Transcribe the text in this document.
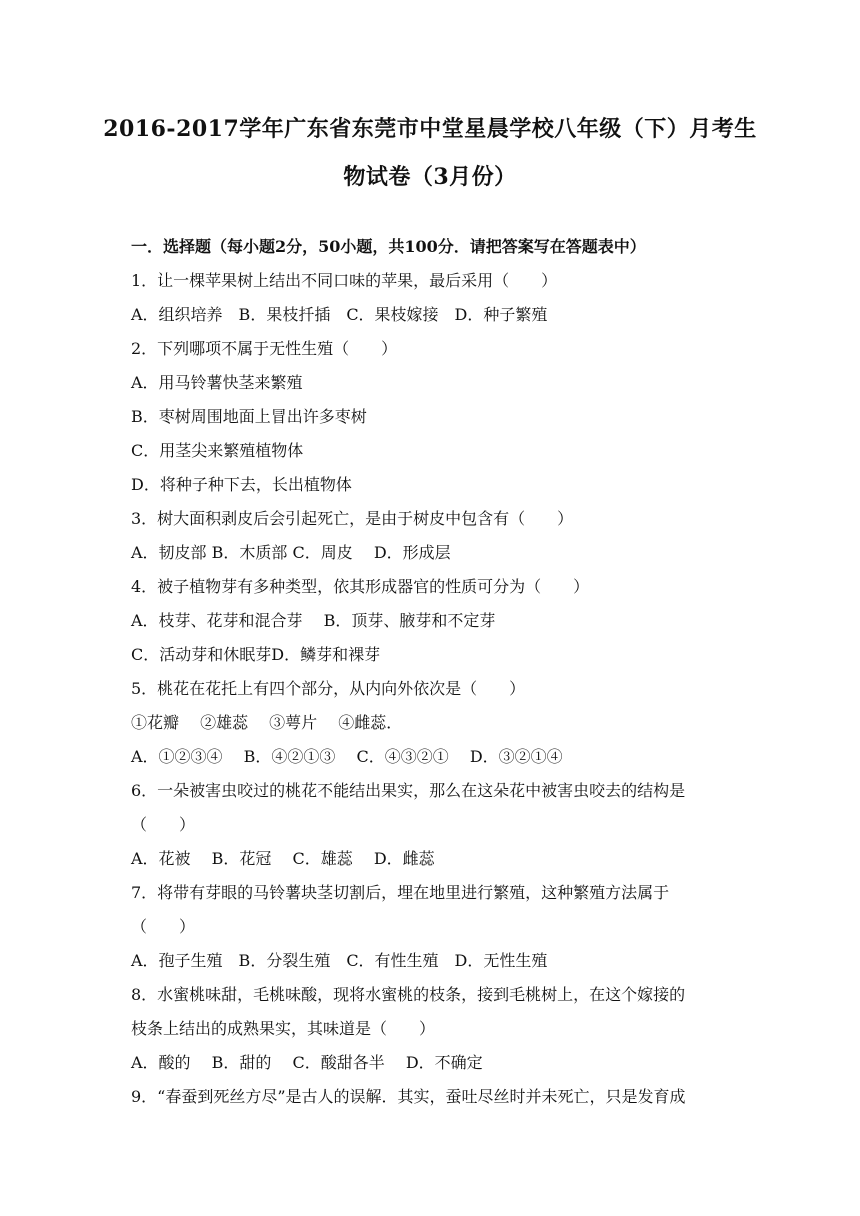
2016-2017学年广东省东莞市中堂星晨学校八年级（下）月考生
物试卷（3月份）
一．选择题（每小题2分，50小题，共100分．请把答案写在答题表中）
1．让一棵苹果树上结出不同口味的苹果，最后采用（　　）
A．组织培养　B．果枝扦插　C．果枝嫁接　D．种子繁殖
2．下列哪项不属于无性生殖（　　）
A．用马铃薯快茎来繁殖
B．枣树周围地面上冒出许多枣树
C．用茎尖来繁殖植物体
D．将种子种下去，长出植物体
3．树大面积剥皮后会引起死亡，是由于树皮中包含有（　　）
A．韧皮部 B．木质部 C．周皮　 D．形成层
4．被子植物芽有多种类型，依其形成器官的性质可分为（　　）
A．枝芽、花芽和混合芽　 B．顶芽、腋芽和不定芽
C．活动芽和休眠芽D．鳞芽和裸芽
5．桃花在花托上有四个部分，从内向外依次是（　　）
①花瓣　 ②雄蕊　 ③萼片　 ④雌蕊．
A．①②③④　 B．④②①③　 C．④③②①　 D．③②①④
6．一朵被害虫咬过的桃花不能结出果实，那么在这朵花中被害虫咬去的结构是
（　　）
A．花被　 B．花冠　 C．雄蕊　 D．雌蕊
7．将带有芽眼的马铃薯块茎切割后，埋在地里进行繁殖，这种繁殖方法属于
（　　）
A．孢子生殖　B．分裂生殖　C．有性生殖　D．无性生殖
8．水蜜桃味甜，毛桃味酸，现将水蜜桃的枝条，接到毛桃树上，在这个嫁接的
枝条上结出的成熟果实，其味道是（　　）
A．酸的　 B．甜的　 C．酸甜各半　 D．不确定
9．“春蚕到死丝方尽”是古人的误解．其实，蚕吐尽丝时并未死亡，只是发育成
